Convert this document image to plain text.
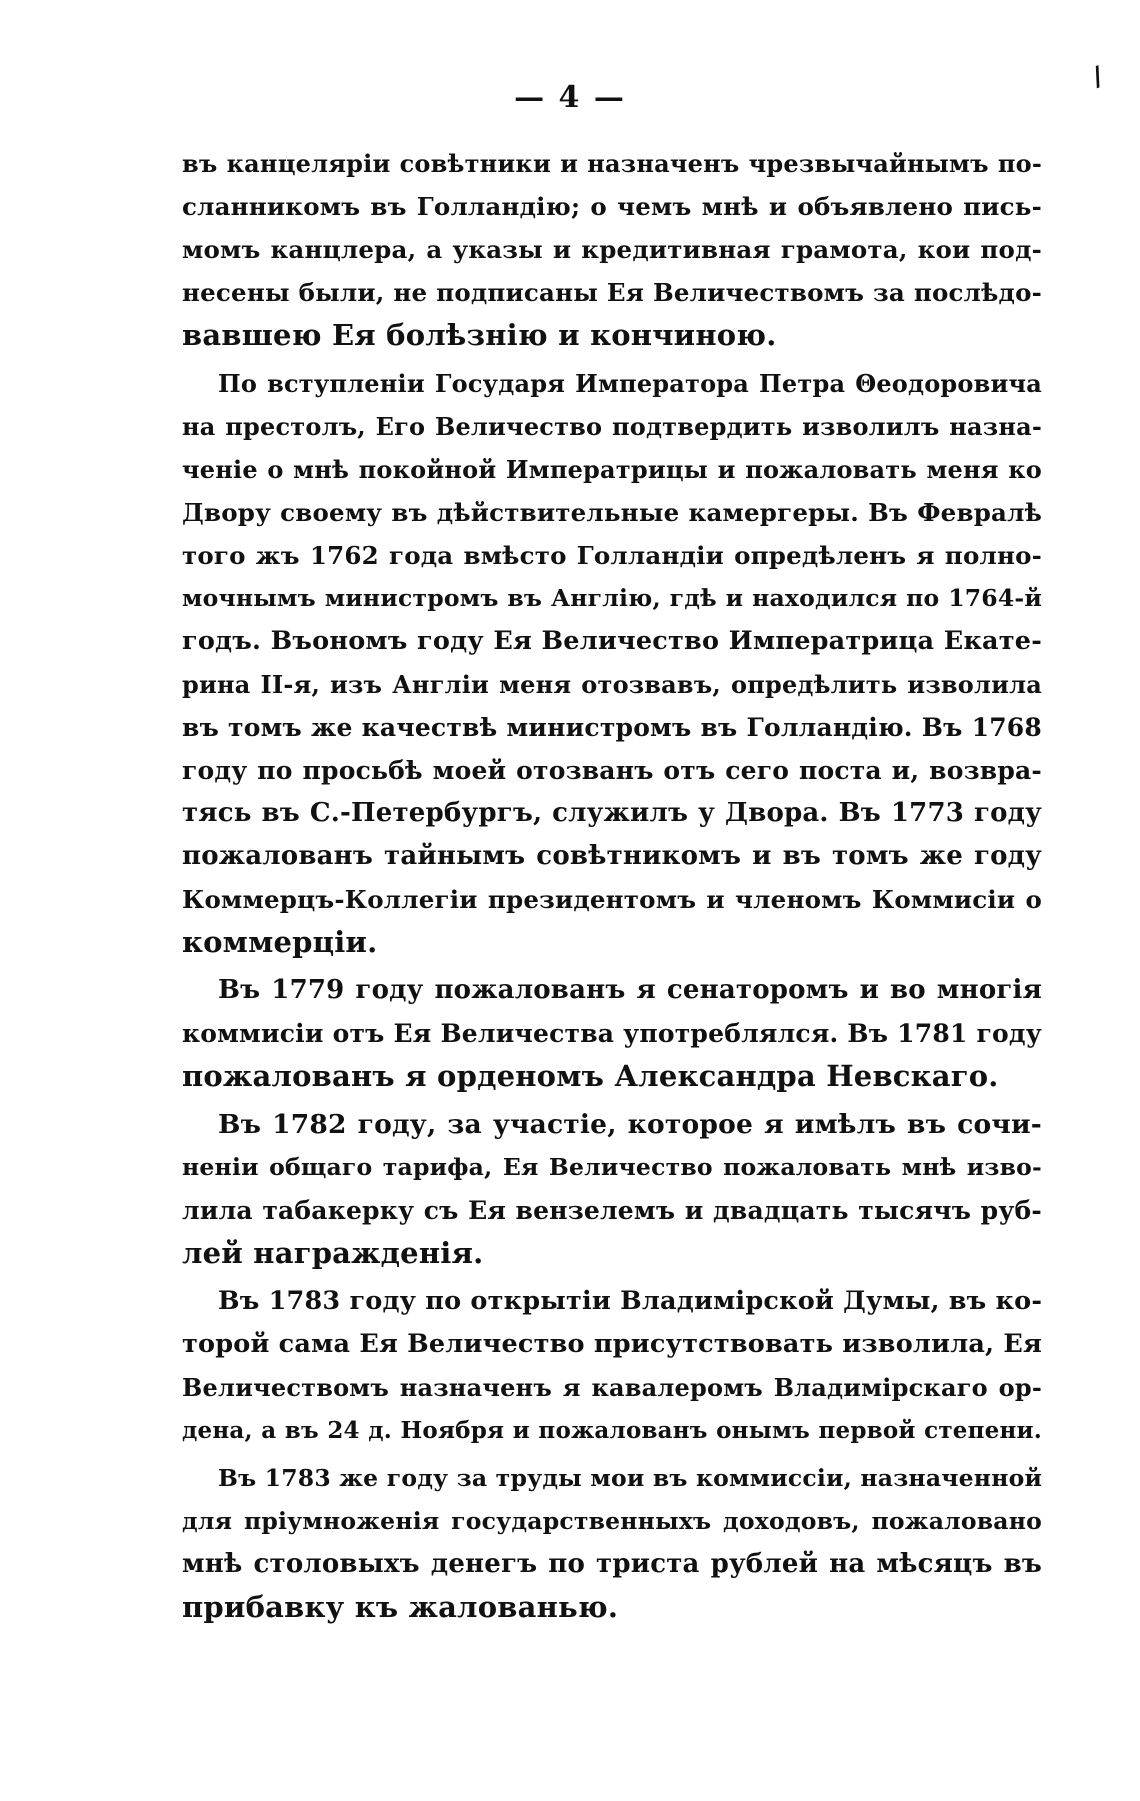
/
— 4 —
въ канцеляріи совѣтники и назначенъ чрезвычайнымъ по-
сланникомъ въ Голландію; о чемъ мнѣ и объявлено пись-
момъ канцлера, а указы и кредитивная грамота, кои под-
несены были, не подписаны Ея Величествомъ за послѣдо-
вавшею Ея болѣзнію и кончиною.
По вступленіи Государя Императора Петра Θеодоровича
на престолъ, Его Величество подтвердить изволилъ назна-
ченіе о мнѣ покойной Императрицы и пожаловать меня ко
Двору своему въ дѣйствительные камергеры. Въ Февралѣ
того жъ 1762 года вмѣсто Голландіи опредѣленъ я полно-
мочнымъ министромъ въ Англію, гдѣ и находился по 1764-й
годъ. Въономъ году Ея Величество Императрица Екате-
рина II-я, изъ Англіи меня отозвавъ, опредѣлить изволила
въ томъ же качествѣ министромъ въ Голландію. Въ 1768
году по просьбѣ моей отозванъ отъ сего поста и, возвра-
тясь въ С.-Петербургъ, служилъ у Двора. Въ 1773 году
пожалованъ тайнымъ совѣтникомъ и въ томъ же году
Коммерцъ-Коллегіи президентомъ и членомъ Коммисіи о
коммерціи.
Въ 1779 году пожалованъ я сенаторомъ и во многія
коммисіи отъ Ея Величества употреблялся. Въ 1781 году
пожалованъ я орденомъ Александра Невскаго.
Въ 1782 году, за участіе, которое я имѣлъ въ сочи-
неніи общаго тарифа, Ея Величество пожаловать мнѣ изво-
лила табакерку съ Ея вензелемъ и двадцать тысячъ руб-
лей награжденія.
Въ 1783 году по открытіи Владимірской Думы, въ ко-
торой сама Ея Величество присутствовать изволила, Ея
Величествомъ назначенъ я кавалеромъ Владимірскаго ор-
дена, а въ 24 д. Ноября и пожалованъ онымъ первой степени.
Въ 1783 же году за труды мои въ коммиссіи, назначенной
для пріумноженія государственныхъ доходовъ, пожаловано
мнѣ столовыхъ денегъ по триста рублей на мѣсяцъ въ
прибавку къ жалованью.
